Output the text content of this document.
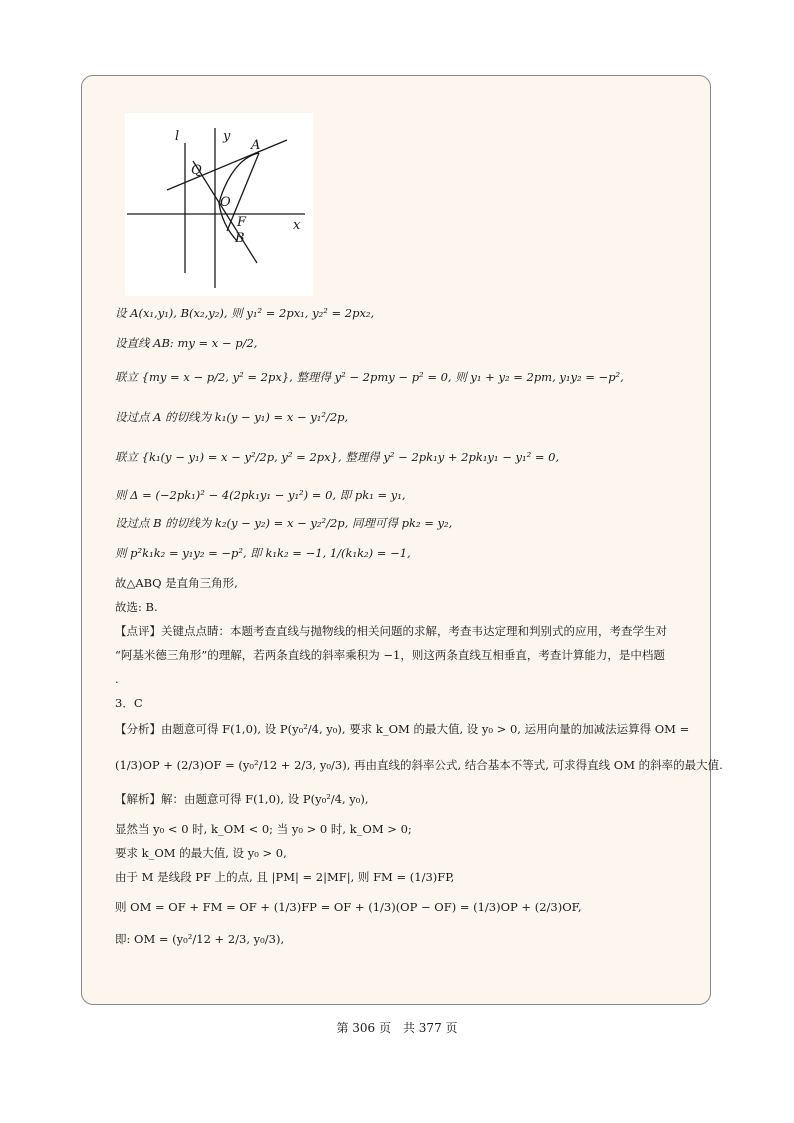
l	y
A
Q
O
F
B
x
设 A(x₁,y₁), B(x₂,y₂), 则 y₁² = 2px₁, y₂² = 2px₂,
设直线 AB: my = x − p/2,
联立 {my = x − p/2, y² = 2px}, 整理得 y² − 2pmy − p² = 0, 则 y₁ + y₂ = 2pm, y₁y₂ = −p²,
设过点 A 的切线为 k₁(y − y₁) = x − y₁²/2p,
联立 {k₁(y − y₁) = x − y²/2p, y² = 2px}, 整理得 y² − 2pk₁y + 2pk₁y₁ − y₁² = 0,
则 Δ = (−2pk₁)² − 4(2pk₁y₁ − y₁²) = 0, 即 pk₁ = y₁,
设过点 B 的切线为 k₂(y − y₂) = x − y₂²/2p, 同理可得 pk₂ = y₂,
则 p²k₁k₂ = y₁y₂ = −p², 即 k₁k₂ = −1, 1/(k₁k₂) = −1,
故△ABQ 是直角三角形,
故选: B.
【点评】关键点点睛：本题考查直线与抛物线的相关问题的求解，考查韦达定理和判别式的应用，考查学生对
“阿基米德三角形”的理解，若两条直线的斜率乘积为 −1，则这两条直线互相垂直，考查计算能力，是中档题
.
3．C
【分析】由题意可得 F(1,0), 设 P(y₀²/4, y₀), 要求 k_OM 的最大值, 设 y₀ > 0, 运用向量的加减法运算得 OM =
(1/3)OP + (2/3)OF = (y₀²/12 + 2/3, y₀/3), 再由直线的斜率公式, 结合基本不等式, 可求得直线 OM 的斜率的最大值.
【解析】解：由题意可得 F(1,0), 设 P(y₀²/4, y₀),
显然当 y₀ < 0 时, k_OM < 0; 当 y₀ > 0 时, k_OM > 0;
要求 k_OM 的最大值, 设 y₀ > 0,
由于 M 是线段 PF 上的点, 且 |PM| = 2|MF|, 则 FM = (1/3)FP,
则 OM = OF + FM = OF + (1/3)FP = OF + (1/3)(OP − OF) = (1/3)OP + (2/3)OF,
即: OM = (y₀²/12 + 2/3, y₀/3),
第 306 页　共 377 页
